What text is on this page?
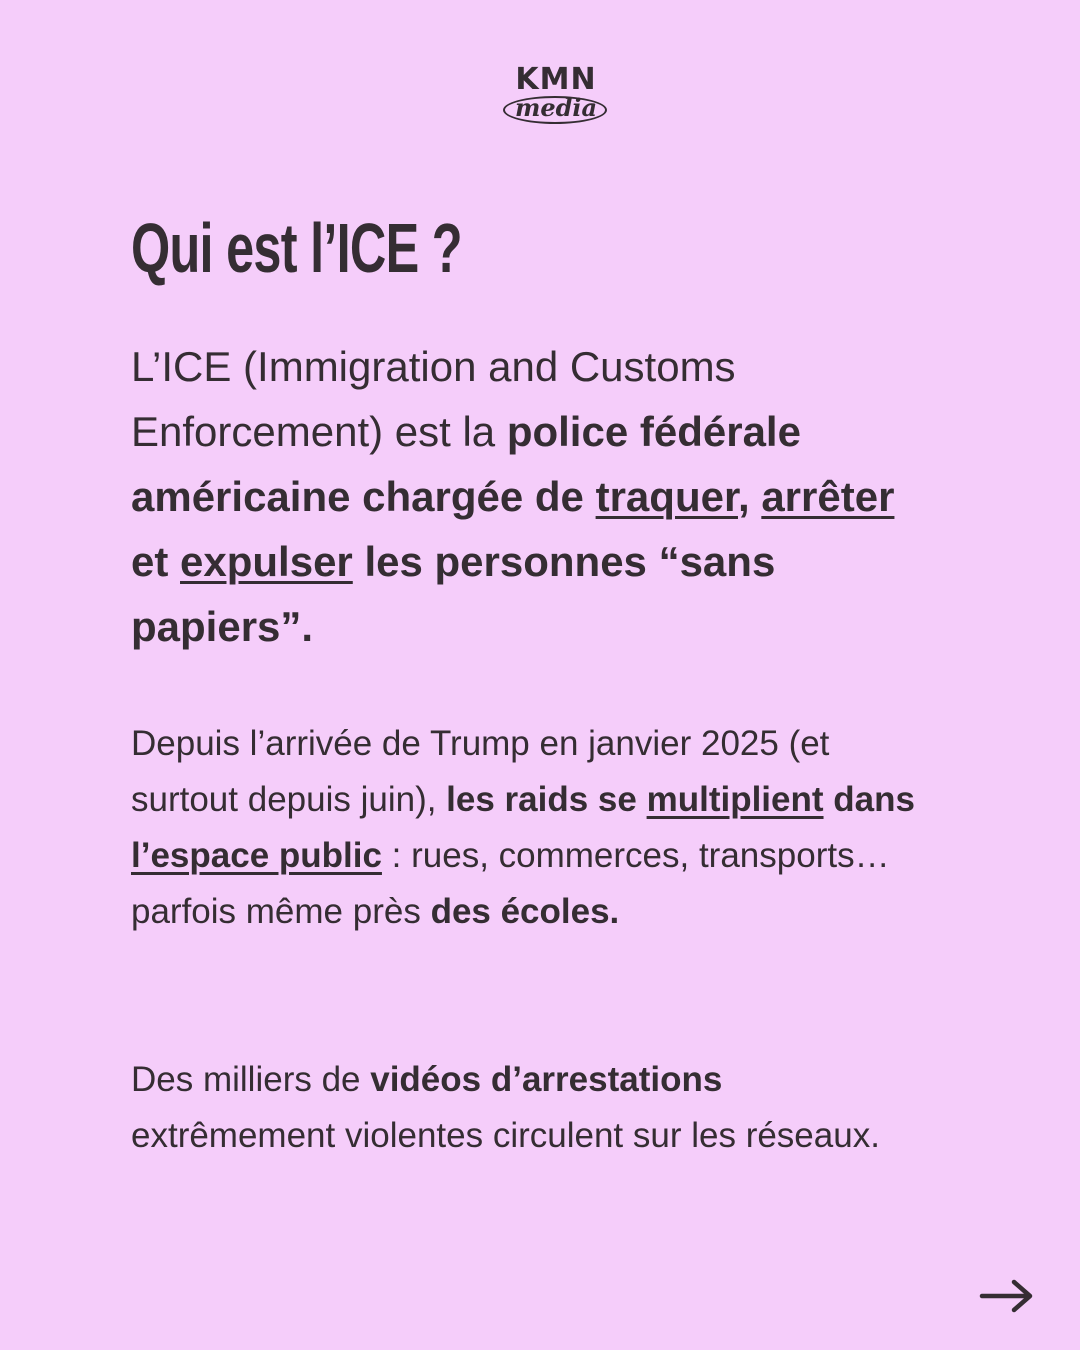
KMN
media
Qui est l’ICE ?

L’ICE (Immigration and Customs Enforcement) est la police fédérale américaine chargée de traquer, arrêter et expulser les personnes “sans papiers”.

Depuis l’arrivée de Trump en janvier 2025 (et surtout depuis juin), les raids se multiplient dans l’espace public : rues, commerces, transports… parfois même près des écoles.

Des milliers de vidéos d’arrestations extrêmement violentes circulent sur les réseaux.
